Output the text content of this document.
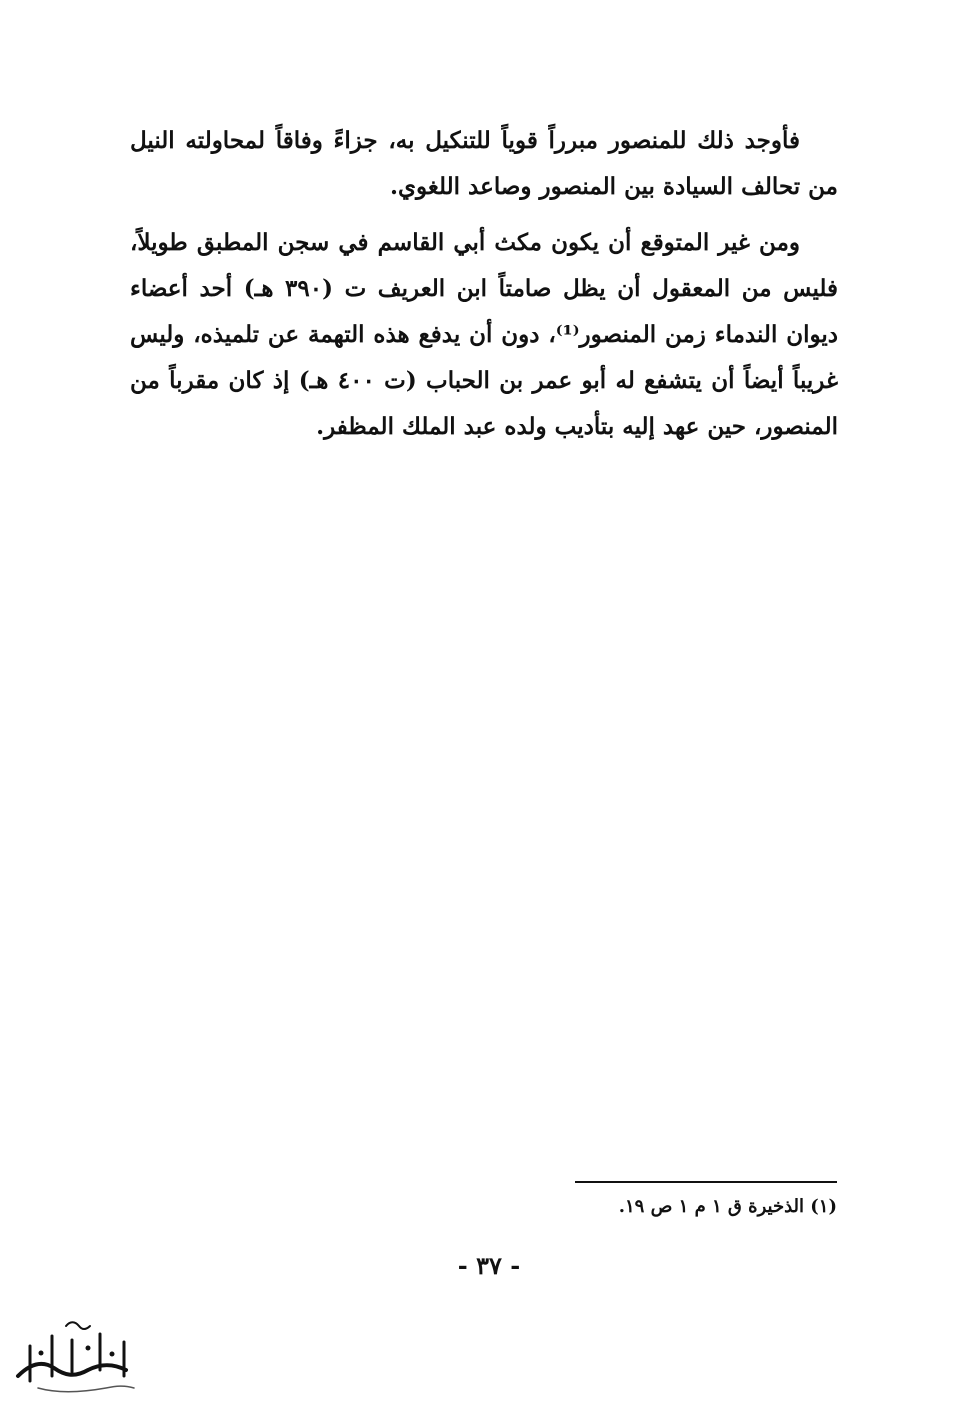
فأوجد ذلك للمنصور مبرراً قوياً للتنكيل به، جزاءً وفاقاً لمحاولته النيل من تحالف السيادة بين المنصور وصاعد اللغوي.

ومن غير المتوقع أن يكون مكث أبي القاسم في سجن المطبق طويلاً، فليس من المعقول أن يظل صامتاً ابن العريف ت (٣٩٠ هـ) أحد أعضاء ديوان الندماء زمن المنصور⁽¹⁾، دون أن يدفع هذه التهمة عن تلميذه، وليس غريباً أيضاً أن يتشفع له أبو عمر بن الحباب (ت ٤٠٠ هـ) إذ كان مقرباً من المنصور، حين عهد إليه بتأديب ولده عبد الملك المظفر.

(١) الذخيرة ق ١ م ١ ص ١٩.
- ٣٧ -
